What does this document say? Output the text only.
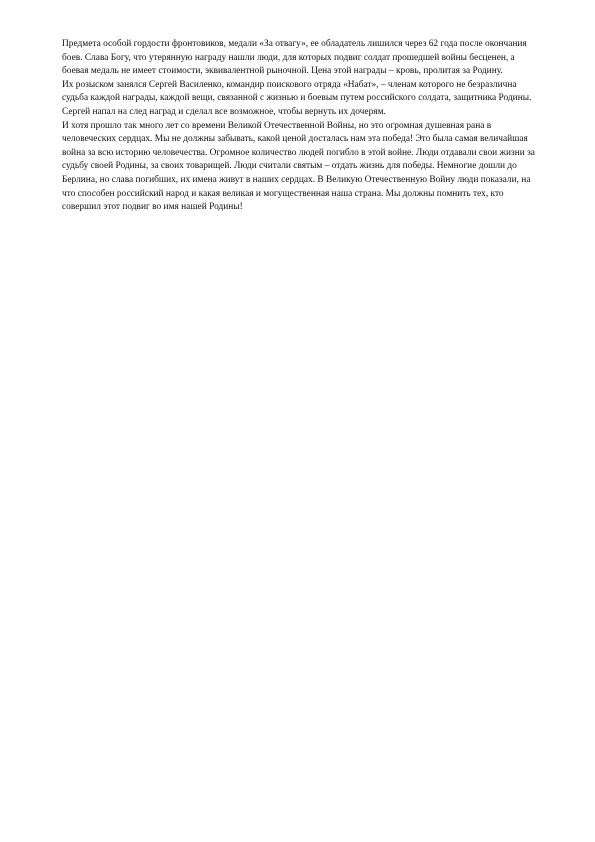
Предмета особой гордости фронтовиков, медали «За отвагу», ее обладатель лишился через 62 года после окончания боев. Слава Богу, что утерянную награду нашли люди, для которых подвиг солдат прошедшей войны бесценен, а боевая медаль не имеет стоимости, эквивалентной рыночной. Цена этой награды – кровь, пролитая за Родину.

Их розыском занялся Сергей Василенко, командир поискового отряда «Набат», – членам которого не безразлична судьба каждой награды, каждой вещи, связанной с жизнью и боевым путем российского солдата, защитника Родины. Сергей напал на след наград и сделал все возможное, чтобы вернуть их дочерям.

И хотя прошло так много лет со времени Великой Отечественной Войны, но это огромная душевная рана в человеческих сердцах. Мы не должны забывать, какой ценой досталась нам эта победа! Это была самая величайшая война за всю историю человечества. Огромное количество людей погибло в этой войне. Люди отдавали свои жизни за судьбу своей Родины, за своих товарищей. Люди считали святым – отдать жизнь для победы. Немногие дошли до Берлина, но слава погибших, их имена живут в наших сердцах. В Великую Отечественную Войну люди показали, на что способен российский народ и какая великая и могущественная наша страна. Мы должны помнить тех, кто совершил этот подвиг во имя нашей Родины!
